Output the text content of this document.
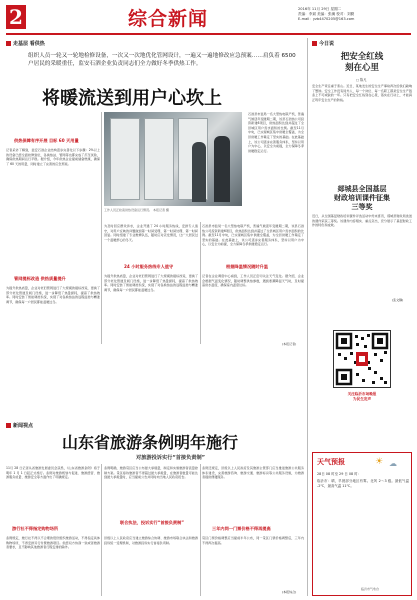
2	综合新闻	2016年 11月 29日 星期二
责编：李斌 美编：张澜 校对：刘勤
E-mail：yzb4470205@163.com
走基层 看供热
组织人员一轮又一轮地检修设备，一次又一次地优化管网设计，一遍又一遍地修改应急预案……肩负着 6500 户居民的采暖重任，监安石泗企业负责同志们全力做好冬季供热工作。
将暖流送到用户心坎上
工作人员正检查供热设备运行情况。 本报记者 摄
石泗县市监局一名大型热电联产机，普遍气候逐年变暖期二期，该县石泗热公司投资新建6项目，供热面积达到并超过了全县城区用户需求面积的比例。截至11月中旬，已实现城区集中供暖全覆盖，为全县供暖工作奠定了坚实的基础。在此基础上，该公司逐步完善服务体系，坚持以用户为中心，以安全为前提，全力保障冬季供暖稳定运行。
供热保障有序开展 目标 60 天用量
记者采访了解到，监安石泗企业结构逐步完善化以下步骤：2%以上的设备已经全面检修到位，各换热站、管网等也都完成了打压试验，确保供热期间运行平稳。据介绍，今年供热企业提前储备燃煤，确保了 60 天的用量，同时建立了完善的应急预案。
管网提标改造 供热质量提升
为提升供热质量，企业对老旧管网进行了大规模的提标改造，更换了部分老化管道及阀门设施，进一步降低了热量损耗，提高了供热效率。同时安装了智能调控系统，实现了对各换热站的远程监控与精准调节，确保每一户居民都能温暖过冬。
24 小时服务热线专人值守
为及时回应群众诉求，企业开通了 24 小时服务热线，安排专人值守，对用户反映的问题做到第一时间受理、第一时间处理、第一时间回复。同时组建了专业维修队伍，随时应对突发情况，让广大居民过一个温暖舒心的冬天。
为提升供热质量，企业对老旧管网进行了大规模的提标改造，更换了部分老化管道及阀门设施，进一步降低了热量损耗，提高了供热效率。同时安装了智能调控系统，实现了对各换热站的远程监控与精准调节，确保每一户居民都能温暖过冬。
根据降温情况随时升温
石泗县市监局一名大型热电联产机，普遍气候逐年变暖期二期，该县石泗热公司投资新建6项目，供热面积达到并超过了全县城区用户需求面积的比例。截至11月中旬，已实现城区集中供暖全覆盖，为全县供暖工作奠定了坚实的基础。在此基础上，该公司逐步完善服务体系，坚持以用户为中心，以安全为前提，全力保障冬季供暖稳定运行。
记者在企业调度中心看到，工作人员正密切关注天气变化。据介绍，企业会根据气温变化情况，随时调整供热参数，遇到寒潮降温天气时，及时提高供水温度，确保室内温度达标。
(本报记者)
今日说
把安全红线
刻在心里
□ 陈凡
安全生产责任重于泰山。近日，某地发生的安全生产事故再次给我们敲响了警钟。安全工作没有局外人，每一个岗位、每一名职工都是安全生产链条上不可或缺的一环。只有把安全红线刻在心里，落实在行动上，才能真正筑牢安全生产的防线。
郯城县全国基层
财政培训课件征集
三等奖
近日，从全国基层财政培训课件评选活动中传来喜讯，郯城县财政局选送的课件荣获三等奖。该课件内容翔实、重点突出，充分展示了基层财政工作的特色和成效。
(张文静)
关注临沂市场晚报
为民生发声
新闻视点
山东省旅游条例明年施行
对旅游投诉实行“首接负责制”
11月 28 日记者从省旅游发展委员会获悉，《山东省旅游条例》将于明年 1 月 1 日起正式施行。条例对旅游规划与促进、旅游经营、旅游服务质量、旅游安全等方面作出了明确规定。
游行社不得指定购物场所
条例规定，旅行社不得以不合理的低价组织旅游活动，不得指定具体购物场所，不得安排另行付费旅游项目。但经双方协商一致或者旅游者要求，且不影响其他旅游者行程安排的除外。
条例明确，旅游景区应当公布最大承载量，制定和实施旅游者流量控制方案。景区接待旅游者不得超过最大承载量，在旅游者数量可能达到最大承载量时，应当提前公告并同时向当地人民政府报告。
联合执法，投诉实行“首接负责制”
县级以上人民政府应当建立旅游综合协调、旅游市场联合执法和旅游投诉统一受理机制，对旅游投诉实行首接负责制。
条例还规定，县级以上人民政府及其旅游主管部门应当推进旅游公共服务体系建设，完善旅游咨询、旅游交通、旅游标识等公共服务设施，为旅游者提供便捷服务。
三年内同一门票价格不得再提高
景区门票价格调整应当提前半年公布，同一景区门票价格调整后，三年内不得再次提高。
(本报综合)
天气预报	☀ ☁
28日 08 时至 29 日 08 时：
临沂市：晴，早晨部分地区有雾。北风 2～3 级。最低气温 -2℃，最高气温 11℃。
临沂市气象台
